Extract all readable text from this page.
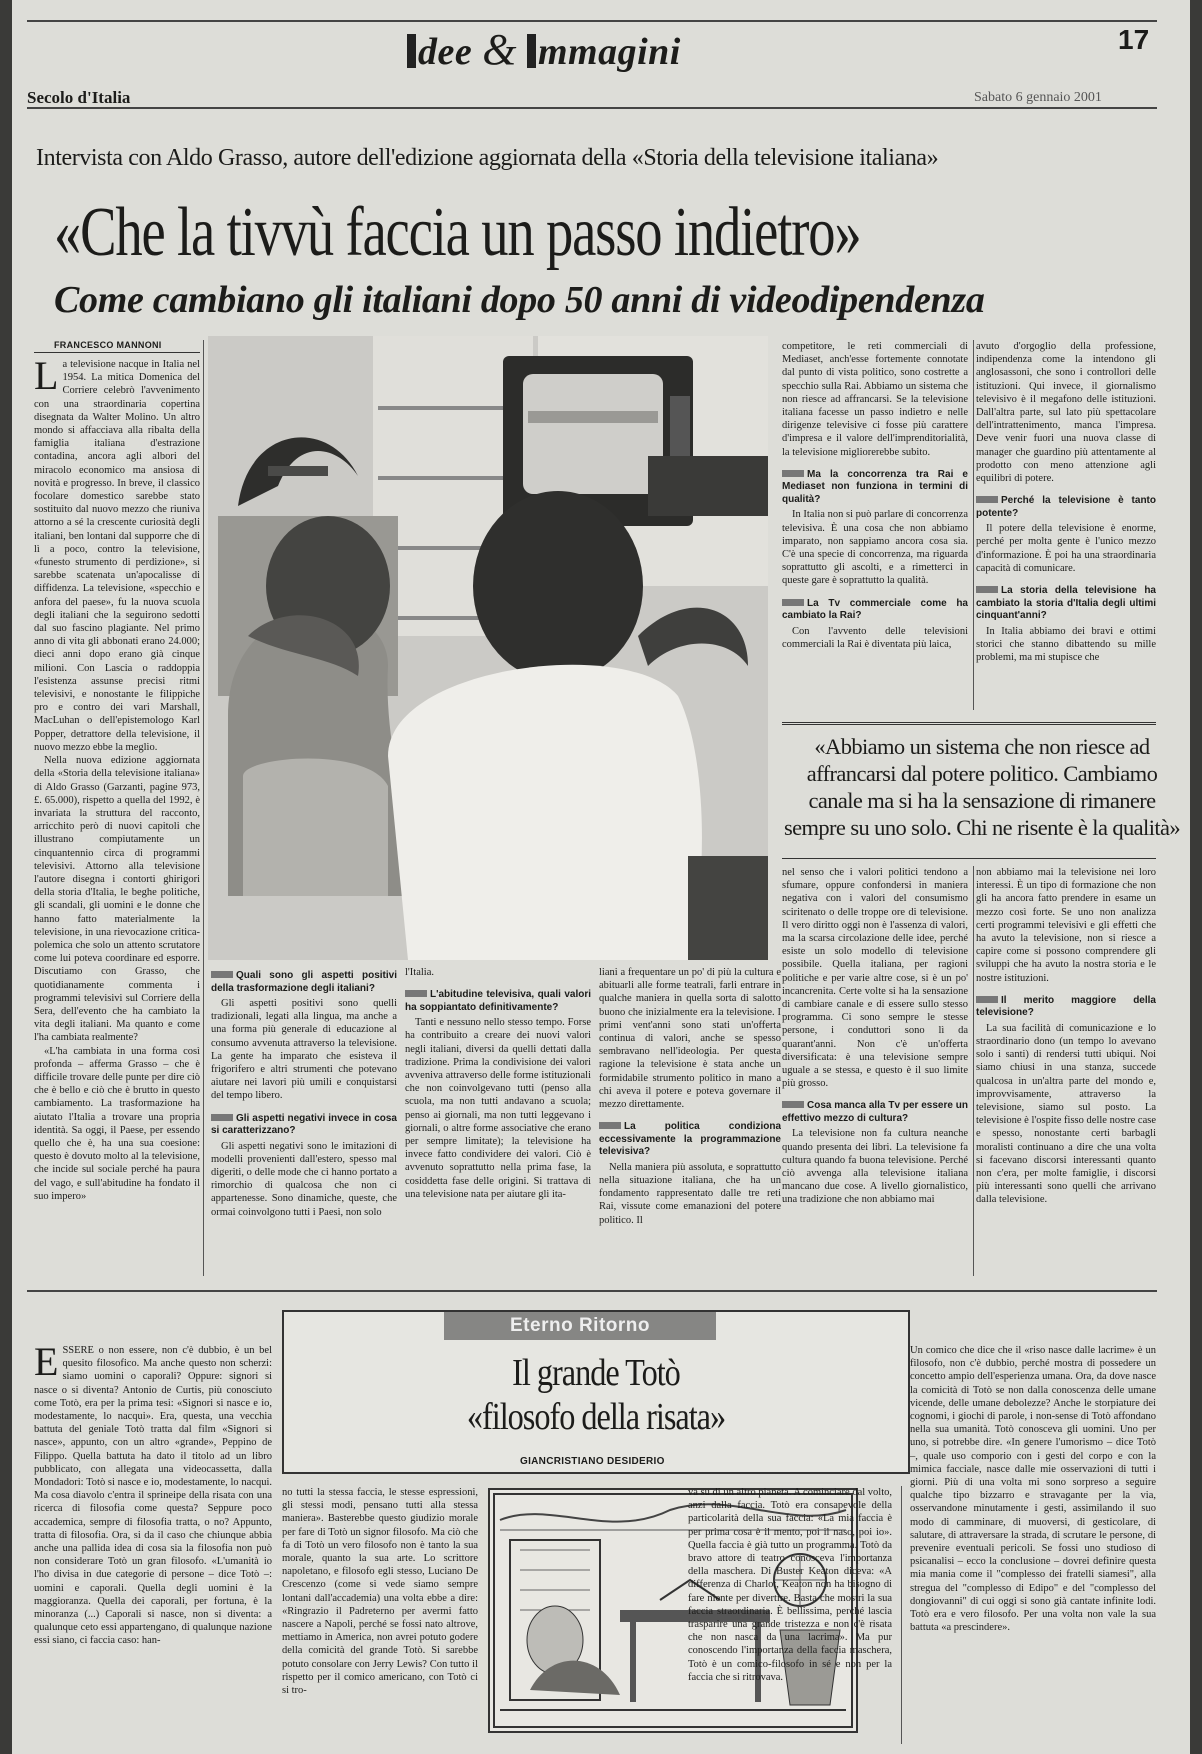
dee & mmagini	17
Secolo d'Italia	Sabato 6 gennaio 2001
Intervista con Aldo Grasso, autore dell'edizione aggiornata della «Storia della televisione italiana»
«Che la tivvù faccia un passo indietro»
Come cambiano gli italiani dopo 50 anni di videodipendenza
FRANCESCO MANNONI
L a televisione nacque in Italia nel 1954. La mitica Domenica del Corriere celebrò l'avvenimento con una straordinaria copertina disegnata da Walter Molino. Un altro mondo si affacciava alla ribalta della famiglia italiana d'estrazione contadina, ancora agli albori del miracolo economico ma ansiosa di novità e progresso. In breve, il classico focolare domestico sarebbe stato sostituito dal nuovo mezzo che riuniva attorno a sé la crescente curiosità degli italiani, ben lontani dal supporre che di lì a poco, contro la televisione, «funesto strumento di perdizione», si sarebbe scatenata un'apocalisse di diffidenza. La televisione, «specchio e anfora del paese», fu la nuova scuola degli italiani che la seguirono sedotti dal suo fascino plagiante. Nel primo anno di vita gli abbonati erano 24.000; dieci anni dopo erano già cinque milioni. Con Lascia o raddoppia l'esistenza assunse precisi ritmi televisivi, e nonostante le filippiche pro e contro dei vari Marshall, MacLuhan o dell'epistemologo Karl Popper, detrattore della televisione, il nuovo mezzo ebbe la meglio.

Nella nuova edizione aggiornata della «Storia della televisione italiana» di Aldo Grasso (Garzanti, pagine 973, £. 65.000), rispetto a quella del 1992, è invariata la struttura del racconto, arricchito però di nuovi capitoli che illustrano compiutamente un cinquantennio circa di programmi televisivi. Attorno alla televisione l'autore disegna i contorti ghirigori della storia d'Italia, le beghe politiche, gli scandali, gli uomini e le donne che hanno fatto materialmente la televisione, in una rievocazione critica-polemica che solo un attento scrutatore come lui poteva coordinare ed esporre. Discutiamo con Grasso, che quotidianamente commenta i programmi televisivi sul Corriere della Sera, dell'evento che ha cambiato la vita degli italiani. Ma quanto e come l'ha cambiata realmente?

«L'ha cambiata in una forma così profonda – afferma Grasso – che è difficile trovare delle punte per dire ciò che è bello e ciò che è brutto in questo cambiamento. La trasformazione ha aiutato l'Italia a trovare una propria identità. Sa oggi, il Paese, per essendo quello che è, ha una sua coesione: questo è dovuto molto al la televisione, che incide sul sociale perché ha paura del vago, e sull'abitudine ha fondato il suo impero»

Quali sono gli aspetti positivi della trasformazione degli italiani?

Gli aspetti positivi sono quelli tradizionali, legati alla lingua, ma anche a una forma più generale di educazione al consumo avvenuta attraverso la televisione. La gente ha imparato che esisteva il frigorifero e altri strumenti che potevano aiutare nei lavori più umili e conquistarsi del tempo libero.

Gli aspetti negativi invece in cosa si caratterizzano?

Gli aspetti negativi sono le imitazioni di modelli provenienti dall'estero, spesso mal digeriti, o delle mode che ci hanno portato a rimorchio di qualcosa che non ci appartenesse. Sono dinamiche, queste, che ormai coinvolgono tutti i Paesi, non solo

l'Italia.

L'abitudine televisiva, quali valori ha soppiantato definitivamente?

Tanti e nessuno nello stesso tempo. Forse ha contribuito a creare dei nuovi valori negli italiani, diversi da quelli dettati dalla tradizione. Prima la condivisione dei valori avveniva attraverso delle forme istituzionali che non coinvolgevano tutti (penso alla scuola, ma non tutti andavano a scuola; penso ai giornali, ma non tutti leggevano i giornali, o altre forme associative che erano per sempre limitate); la televisione ha invece fatto condividere dei valori. Ciò è avvenuto soprattutto nella prima fase, la cosiddetta fase delle origini. Si trattava di una televisione nata per aiutare gli ita-

liani a frequentare un po' di più la cultura e abituarli alle forme teatrali, farli entrare in qualche maniera in quella sorta di salotto buono che inizialmente era la televisione. I primi vent'anni sono stati un'offerta continua di valori, anche se spesso sembravano nell'ideologia. Per questa ragione la televisione è stata anche un formidabile strumento politico in mano a chi aveva il potere e poteva governare il mezzo direttamente.

La politica condiziona eccessivamente la programmazione televisiva?

Nella maniera più assoluta, e soprattutto nella situazione italiana, che ha un fondamento rappresentato dalle tre reti Rai, vissute come emanazioni del potere politico. Il

competitore, le reti commerciali di Mediaset, anch'esse fortemente connotate dal punto di vista politico, sono costrette a specchio sulla Rai. Abbiamo un sistema che non riesce ad affrancarsi. Se la televisione italiana facesse un passo indietro e nelle dirigenze televisive ci fosse più carattere d'impresa e il valore dell'imprenditorialità, la televisione migliorerebbe subito.

Ma la concorrenza tra Rai e Mediaset non funziona in termini di qualità?

In Italia non si può parlare di concorrenza televisiva. È una cosa che non abbiamo imparato, non sappiamo ancora cosa sia. C'è una specie di concorrenza, ma riguarda soprattutto gli ascolti, e a rimetterci in queste gare è soprattutto la qualità.

La Tv commerciale come ha cambiato la Rai?

Con l'avvento delle televisioni commerciali la Rai è diventata più laica,

avuto d'orgoglio della professione, indipendenza come la intendono gli anglosassoni, che sono i controllori delle istituzioni. Qui invece, il giornalismo televisivo è il megafono delle istituzioni. Dall'altra parte, sul lato più spettacolare dell'intrattenimento, manca l'impresa. Deve venir fuori una nuova classe di manager che guardino più attentamente al prodotto con meno attenzione agli equilibri di potere.

Perché la televisione è tanto potente?

Il potere della televisione è enorme, perché per molta gente è l'unico mezzo d'informazione. È poi ha una straordinaria capacità di comunicare.

La storia della televisione ha cambiato la storia d'Italia degli ultimi cinquant'anni?

In Italia abbiamo dei bravi e ottimi storici che stanno dibattendo su mille problemi, ma mi stupisce che

«Abbiamo un sistema che non riesce ad affrancarsi dal potere politico. Cambiamo canale ma si ha la sensazione di rimanere sempre su uno solo. Chi ne risente è la qualità»

nel senso che i valori politici tendono a sfumare, oppure confondersi in maniera negativa con i valori del consumismo sciritenato o delle troppe ore di televisione. Il vero diritto oggi non è l'assenza di valori, ma la scarsa circolazione delle idee, perché esiste un solo modello di televisione possibile. Quella italiana, per ragioni politiche e per varie altre cose, si è un po' incancrenita. Certe volte si ha la sensazione di cambiare canale e di essere sullo stesso programma. Ci sono sempre le stesse persone, i conduttori sono lì da quarant'anni. Non c'è un'offerta diversificata: è una televisione sempre uguale a se stessa, e questo è il suo limite più grosso.

Cosa manca alla Tv per essere un effettivo mezzo di cultura?

La televisione non fa cultura neanche quando presenta dei libri. La televisione fa cultura quando fa buona televisione. Perché ciò avvenga alla televisione italiana mancano due cose. A livello giornalistico, una tradizione che non abbiamo mai

non abbiamo mai la televisione nei loro interessi. È un tipo di formazione che non gli ha ancora fatto prendere in esame un mezzo così forte. Se uno non analizza certi programmi televisivi e gli effetti che ha avuto la televisione, non si riesce a capire come si possono comprendere gli sviluppi che ha avuto la nostra storia e le nostre istituzioni.

Il merito maggiore della televisione?

La sua facilità di comunicazione e lo straordinario dono (un tempo lo avevano solo i santi) di rendersi tutti ubiqui. Noi siamo chiusi in una stanza, succede qualcosa in un'altra parte del mondo e, improvvisamente, attraverso la televisione, siamo sul posto. La televisione è l'ospite fisso delle nostre case e spesso, nonostante certi barbagli moralisti continuano a dire che una volta si facevano discorsi interessanti quanto non c'era, per molte famiglie, i discorsi più interessanti sono quelli che arrivano dalla televisione.

Eterno Ritorno
Il grande Totò
«filosofo della risata»
GIANCRISTIANO DESIDERIO
E SSERE o non essere, non c'è dubbio, è un bel quesito filosofico. Ma anche questo non scherzi: siamo uomini o caporali? Oppure: signori si nasce o si diventa? Antonio de Curtis, più conosciuto come Totò, era per la prima tesi: «Signori si nasce e io, modestamente, lo nacqui». Era, questa, una vecchia battuta del geniale Totò tratta dal film «Signori si nasce», appunto, con un altro «grande», Peppino de Filippo. Quella battuta ha dato il titolo ad un libro pubblicato, con allegata una videocassetta, dalla Mondadori: Totò si nasce e io, modestamente, lo nacqui. Ma cosa diavolo c'entra il sprineipe della risata con una ricerca di filosofia come questa? Seppure poco accademica, sempre di filosofia tratta, o no? Appunto, tratta di filosofia. Ora, si da il caso che chiunque abbia anche una pallida idea di cosa sia la filosofia non può non considerare Totò un gran filosofo. «L'umanità io l'ho divisa in due categorie di persone – dice Totò –: uomini e caporali. Quella degli uomini è la maggioranza. Quella dei caporali, per fortuna, è la minoranza (...) Caporali si nasce, non si diventa: a qualunque ceto essi appartengano, di qualunque nazione essi siano, ci faccia caso: han-

no tutti la stessa faccia, le stesse espressioni, gli stessi modi, pensano tutti alla stessa maniera». Basterebbe questo giudizio morale per fare di Totò un signor filosofo. Ma ciò che fa di Totò un vero filosofo non è tanto la sua morale, quanto la sua arte. Lo scrittore napoletano, e filosofo egli stesso, Luciano De Crescenzo (come si vede siamo sempre lontani dall'accademia) una volta ebbe a dire: «Ringrazio il Padreterno per avermi fatto nascere a Napoli, perché se fossi nato altrove, mettiamo in America, non avrei potuto godere della comicità del grande Totò. Si sarebbe potuto consolare con Jerry Lewis? Con tutto il rispetto per il comico americano, con Totò ci si tro-

va su di un altro pianeta. A cominciare dal volto, anzi dalla faccia. Totò era consapevole della particolarità della sua faccia: «La mia faccia è per prima cosa è il mento, poi il naso, poi io». Quella faccia è già tutto un programma. Totò da bravo attore di teatro conosceva l'importanza della maschera. Di Buster Keaton diceva: «A differenza di Charlot, Keaton non ha bisogno di fare niente per divertire. Basta che mostri la sua faccia straordinaria. È bellissima, perché lascia trasparire una grande tristezza e non c'è risata che non nasca da una lacrima». Ma pur conoscendo l'importanza della faccia maschera, Totò è un comico-filosofo in sé e non per la faccia che si ritrovava.

Un comico che dice che il «riso nasce dalle lacrime» è un filosofo, non c'è dubbio, perché mostra di possedere un concetto ampio dell'esperienza umana. Ora, da dove nasce la comicità di Totò se non dalla conoscenza delle umane vicende, delle umane debolezze? Anche le storpiature dei cognomi, i giochi di parole, i non-sense di Totò affondano nella sua umanità. Totò conosceva gli uomini. Uno per uno, si potrebbe dire. «In genere l'umorismo – dice Totò –, quale uso comporio con i gesti del corpo e con la mimica facciale, nasce dalle mie osservazioni di tutti i giorni. Più di una volta mi sono sorpreso a seguire qualche tipo bizzarro e stravagante per la via, osservandone minutamente i gesti, assimilando il suo modo di camminare, di muoversi, di gesticolare, di salutare, di attraversare la strada, di scrutare le persone, di prevenire eventuali pericoli. Se fossi uno studioso di psicanalisi – ecco la conclusione – dovrei definire questa mia mania come il "complesso dei fratelli siamesi", alla stregua del "complesso di Edipo" e del "complesso del dongiovanni" di cui oggi si sono già cantate infinite lodi. Totò era e vero filosofo. Per una volta non vale la sua battuta «a prescindere».
